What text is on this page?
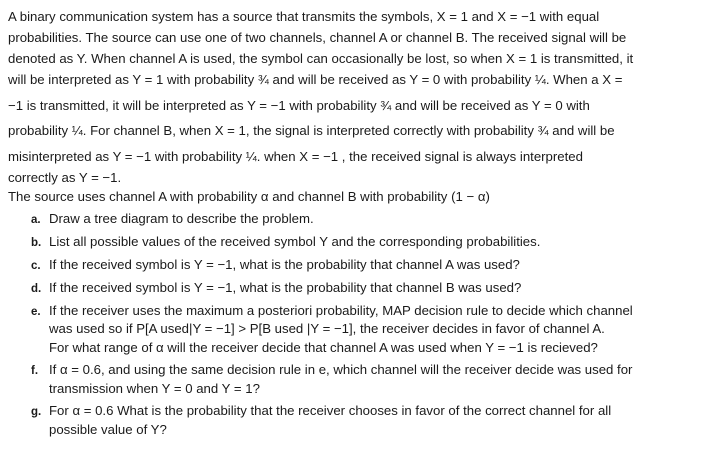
A binary communication system has a source that transmits the symbols, X = 1 and X = −1 with equal
probabilities. The source can use one of two channels, channel A or channel B. The received signal will be
denoted as Y. When channel A is used, the symbol can occasionally be lost, so when X = 1 is transmitted, it
will be interpreted as Y = 1 with probability ¾ and will be received as Y = 0 with probability ¼. When a X =
−1 is transmitted, it will be interpreted as Y = −1 with probability ¾ and will be received as Y = 0 with
probability ¼. For channel B, when X = 1, the signal is interpreted correctly with probability ¾ and will be
misinterpreted as Y = −1 with probability ¼. when X = −1 , the received signal is always interpreted
correctly as Y = −1.
The source uses channel A with probability α and channel B with probability (1 − α)
a. Draw a tree diagram to describe the problem.
b. List all possible values of the received symbol Y and the corresponding probabilities.
c. If the received symbol is Y = −1, what is the probability that channel A was used?
d. If the received symbol is Y = −1, what is the probability that channel B was used?
e. If the receiver uses the maximum a posteriori probability, MAP decision rule to decide which channel
was used so if P[A used|Y = −1] > P[B used |Y = −1], the receiver decides in favor of channel A.
For what range of α will the receiver decide that channel A was used when Y = −1 is recieved?
f. If α = 0.6, and using the same decision rule in e, which channel will the receiver decide was used for
transmission when Y = 0 and Y = 1?
g. For α = 0.6 What is the probability that the receiver chooses in favor of the correct channel for all
possible value of Y?
